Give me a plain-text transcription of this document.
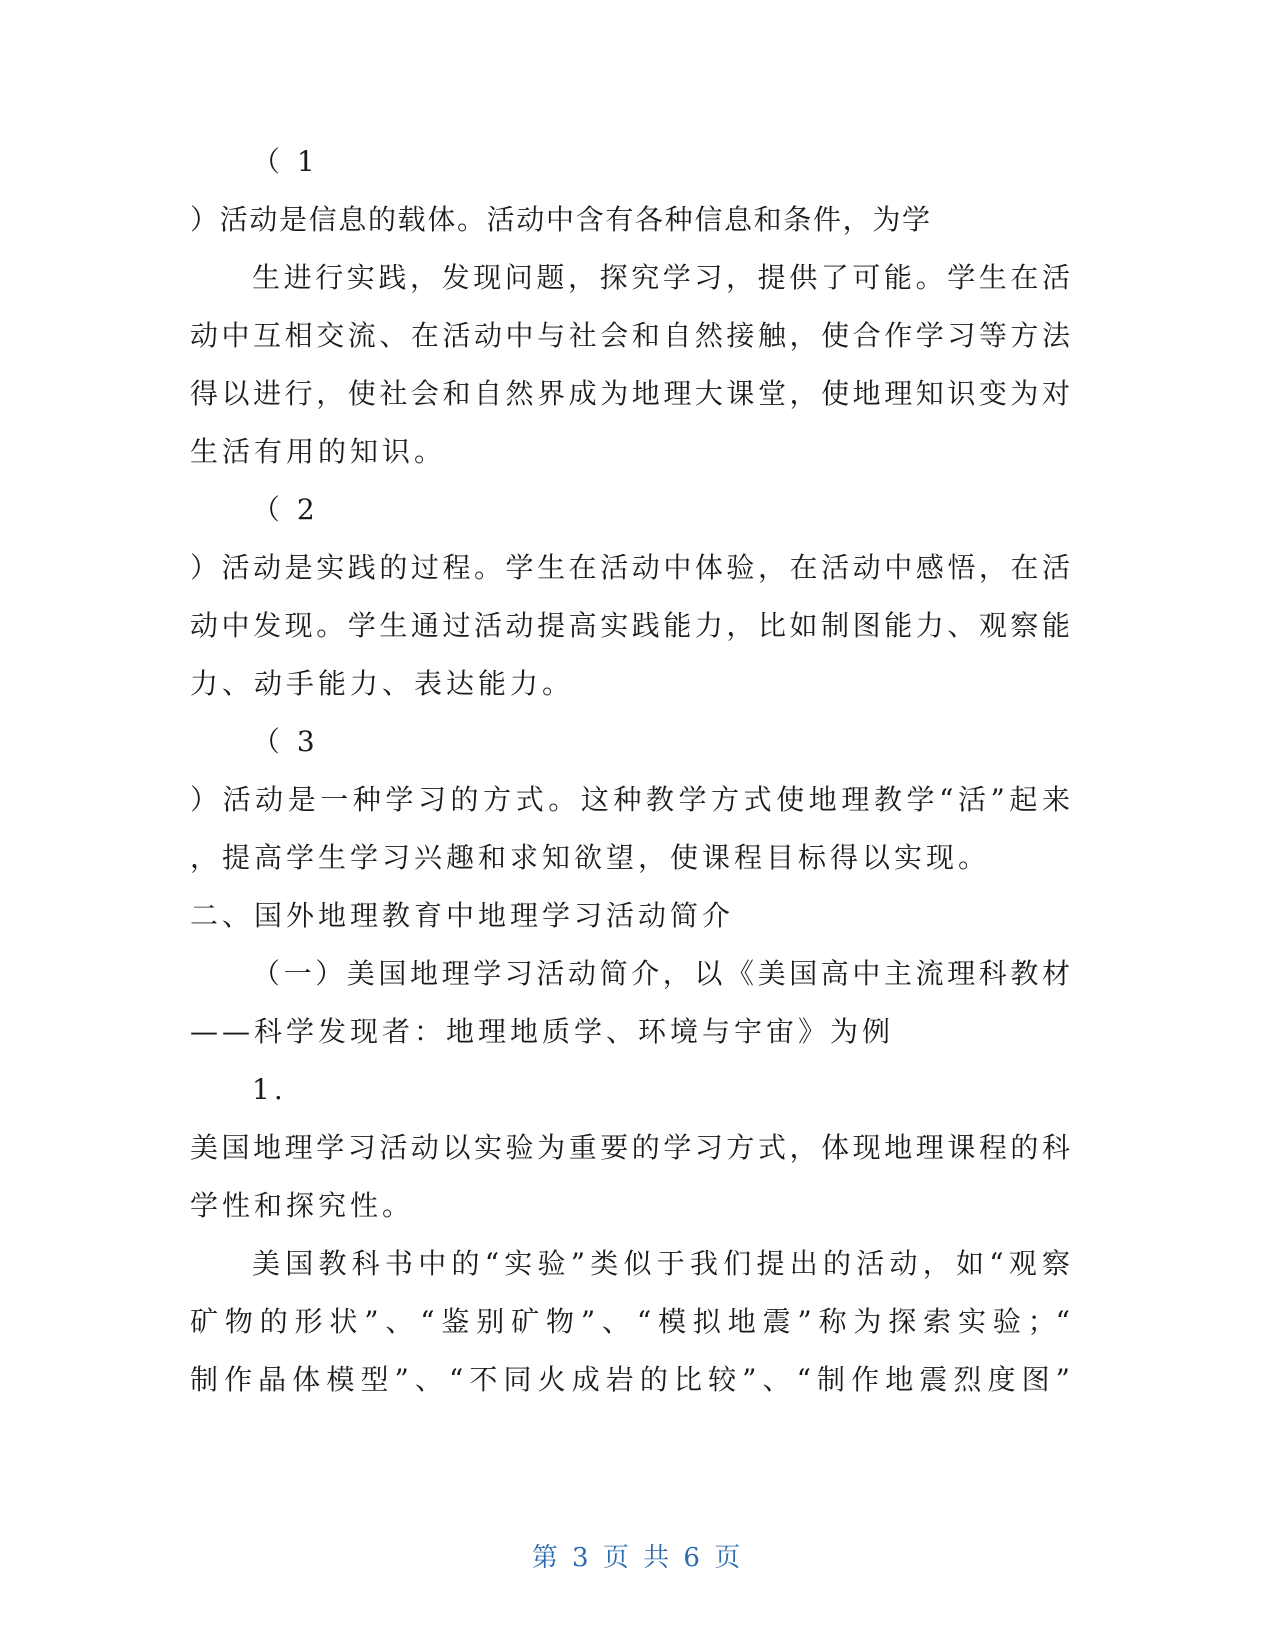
（ 1
）活动是信息的载体。活动中含有各种信息和条件，为学
生进行实践，发现问题，探究学习，提供了可能。学生在活
动中互相交流、在活动中与社会和自然接触，使合作学习等方法
得以进行，使社会和自然界成为地理大课堂，使地理知识变为对
生活有用的知识。
（ 2
）活动是实践的过程。学生在活动中体验，在活动中感悟，在活
动中发现。学生通过活动提高实践能力，比如制图能力、观察能
力、动手能力、表达能力。
（ 3
）活动是一种学习的方式。这种教学方式使地理教学“活”起来
，提高学生学习兴趣和求知欲望，使课程目标得以实现。
二、国外地理教育中地理学习活动简介
（一）美国地理学习活动简介，以《美国高中主流理科教材
——科学发现者：地理地质学、环境与宇宙》为例
1.
美国地理学习活动以实验为重要的学习方式，体现地理课程的科
学性和探究性。
美国教科书中的“实验”类似于我们提出的活动，如“观察
矿物的形状”、“鉴别矿物”、“模拟地震”称为探索实验；“
制作晶体模型”、“不同火成岩的比较”、“制作地震烈度图”
第 3 页 共 6 页
